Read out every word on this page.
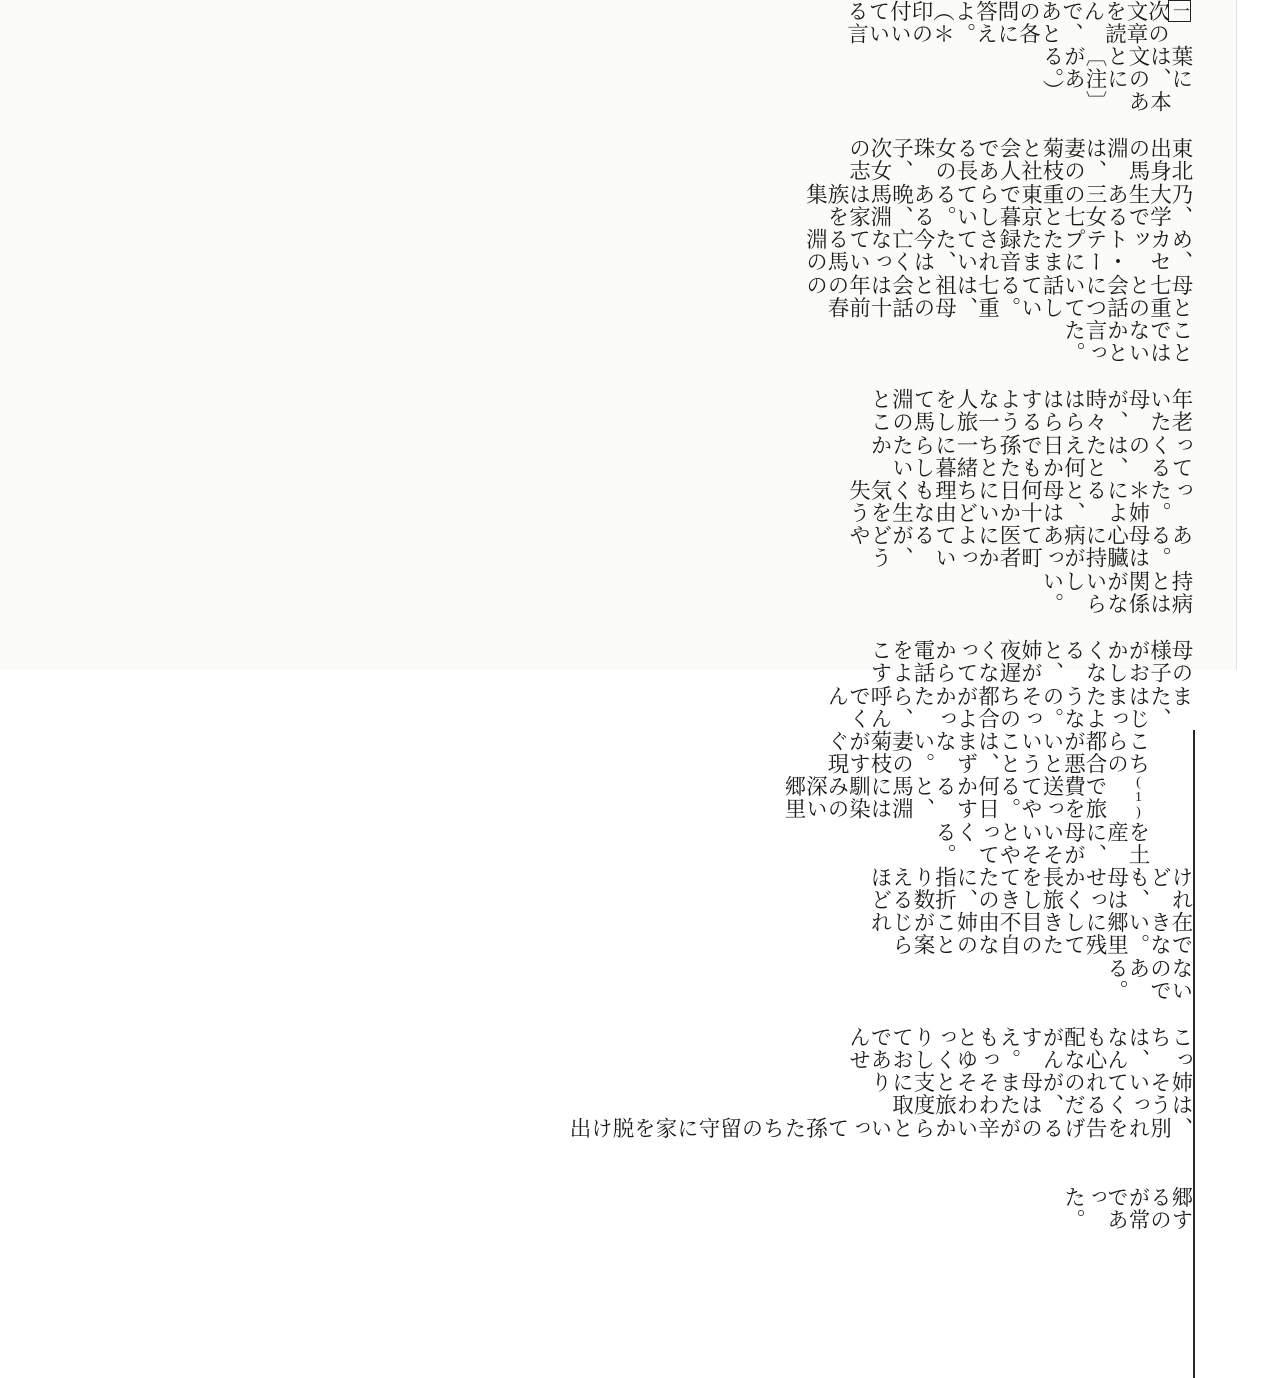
一次の文章を読んで、あとの各問に答えよ。（＊印の付いている言

葉には、本文のあとに〔注〕がある。）

東北出身の馬淵は、妻の菊枝と社会人である長女の珠子、次女の志

乃、大学生である三女の七重と東京で暮らしている。ある晩、馬淵は家族を集

め、カセット・テープにたまたま録音されていた、今は亡くなっている馬淵の

母と七重との会話について話している。七重は、祖母との会話は十年前の春の

ことではないかと言った。

年老いた母が、時々はらはらするような一人旅をして馬淵のとこ

ってくるのは、たとえ何日かでも孫たちと一緒に暮らしたいか

った。＊姉によると、母は何十日かにいちど理由もなく生気を失う

ある。母は心臓に持病があって町医者にかよっているが、どうや

持病とは関係がないらしい。

母の様子がおかしくなると、姉が夜遅くなってから電話をよこす

また、はじまったようなの。そっちの都合がよかったら、呼んでくん

こちらの都合が悪いということは、まずない。妻の菊枝がすぐ現

(1)
で旅費を送ってやる。何日かすると、馬淵には馴染みの深い郷里

を土産に、母がいそいそとやってくる。

けれども、母はせっかく長旅をしてきたのに、指折り数えるほど

在できない。郷里に残してきた目の不自由な姉のことが案じられ

ないのである。

こっちは、なんも心配ながんすえ。もっとゆっくりしておであんせ

姉はそういってくれるのだが、母はまたそわそわと旅支度に取り

、別れを告げるのが辛いからといって孫たちの留守に家を脱け出

郷するのが常であった。
